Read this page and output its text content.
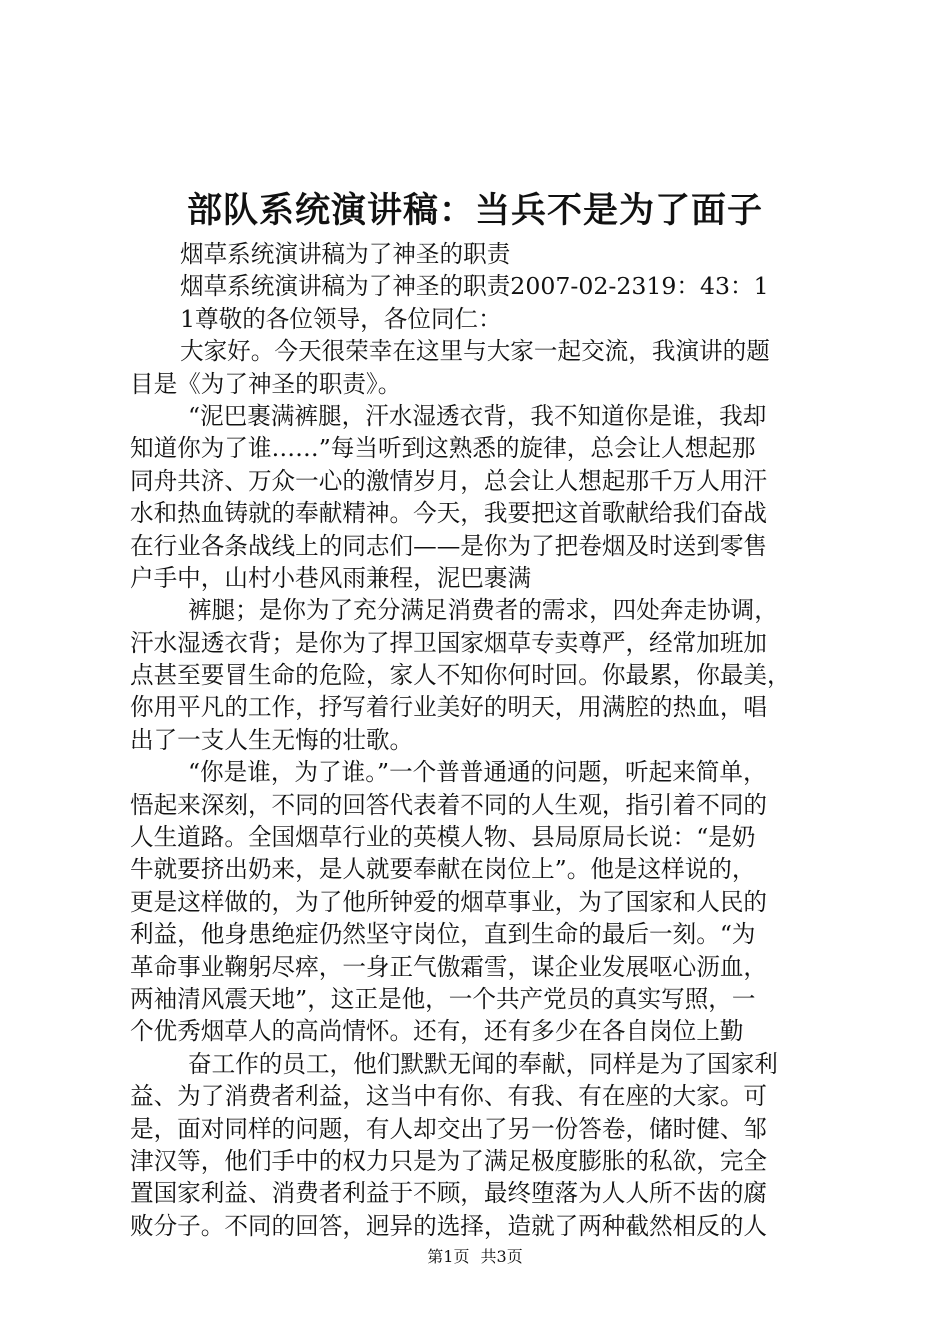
部队系统演讲稿：当兵不是为了面子
烟草系统演讲稿为了神圣的职责
烟草系统演讲稿为了神圣的职责2007-02-2319：43：1
1尊敬的各位领导，各位同仁：
大家好。今天很荣幸在这里与大家一起交流，我演讲的题
目是《为了神圣的职责》。
“泥巴裹满裤腿，汗水湿透衣背，我不知道你是谁，我却
知道你为了谁……”每当听到这熟悉的旋律，总会让人想起那
同舟共济、万众一心的激情岁月，总会让人想起那千万人用汗
水和热血铸就的奉献精神。今天，我要把这首歌献给我们奋战
在行业各条战线上的同志们——是你为了把卷烟及时送到零售
户手中，山村小巷风雨兼程，泥巴裹满
裤腿；是你为了充分满足消费者的需求，四处奔走协调，
汗水湿透衣背；是你为了捍卫国家烟草专卖尊严，经常加班加
点甚至要冒生命的危险，家人不知你何时回。你最累，你最美，
你用平凡的工作，抒写着行业美好的明天，用满腔的热血，唱
出了一支人生无悔的壮歌。
“你是谁，为了谁。”一个普普通通的问题，听起来简单，
悟起来深刻，不同的回答代表着不同的人生观，指引着不同的
人生道路。全国烟草行业的英模人物、县局原局长说：“是奶
牛就要挤出奶来，是人就要奉献在岗位上”。他是这样说的，
更是这样做的，为了他所钟爱的烟草事业，为了国家和人民的
利益，他身患绝症仍然坚守岗位，直到生命的最后一刻。“为
革命事业鞠躬尽瘁，一身正气傲霜雪，谋企业发展呕心沥血，
两袖清风震天地”，这正是他，一个共产党员的真实写照，一
个优秀烟草人的高尚情怀。还有，还有多少在各自岗位上勤
奋工作的员工，他们默默无闻的奉献，同样是为了国家利
益、为了消费者利益，这当中有你、有我、有在座的大家。可
是，面对同样的问题，有人却交出了另一份答卷，储时健、邹
津汉等，他们手中的权力只是为了满足极度膨胀的私欲，完全
置国家利益、消费者利益于不顾，最终堕落为人人所不齿的腐
败分子。不同的回答，迥异的选择，造就了两种截然相反的人
第1页 共3页
